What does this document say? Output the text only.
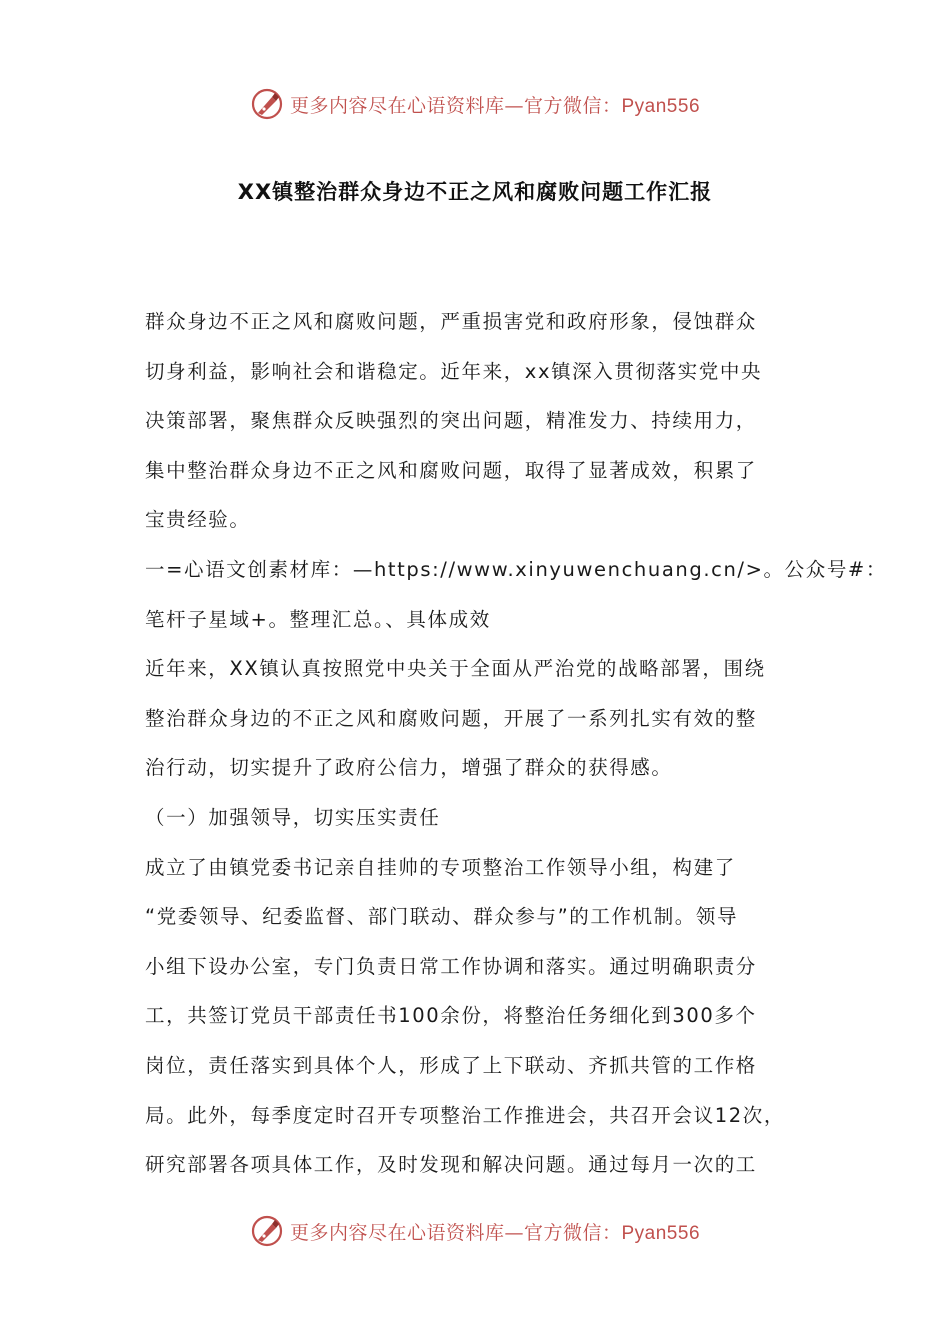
更多内容尽在心语资料库—官方微信：Pyan556
XX镇整治群众身边不正之风和腐败问题工作汇报
群众身边不正之风和腐败问题，严重损害党和政府形象，侵蚀群众
切身利益，影响社会和谐稳定。近年来，xx镇深入贯彻落实党中央
决策部署，聚焦群众反映强烈的突出问题，精准发力、持续用力，
集中整治群众身边不正之风和腐败问题，取得了显著成效，积累了
宝贵经验。
一=心语文创素材库：—https://www.xinyuwenchuang.cn/>。公众号#：
笔杆子星域+。整理汇总。、具体成效
近年来，XX镇认真按照党中央关于全面从严治党的战略部署，围绕
整治群众身边的不正之风和腐败问题，开展了一系列扎实有效的整
治行动，切实提升了政府公信力，增强了群众的获得感。
（一）加强领导，切实压实责任
成立了由镇党委书记亲自挂帅的专项整治工作领导小组，构建了
“党委领导、纪委监督、部门联动、群众参与”的工作机制。领导
小组下设办公室，专门负责日常工作协调和落实。通过明确职责分
工，共签订党员干部责任书100余份，将整治任务细化到300多个
岗位，责任落实到具体个人，形成了上下联动、齐抓共管的工作格
局。此外，每季度定时召开专项整治工作推进会，共召开会议12次，
研究部署各项具体工作，及时发现和解决问题。通过每月一次的工
更多内容尽在心语资料库—官方微信：Pyan556
